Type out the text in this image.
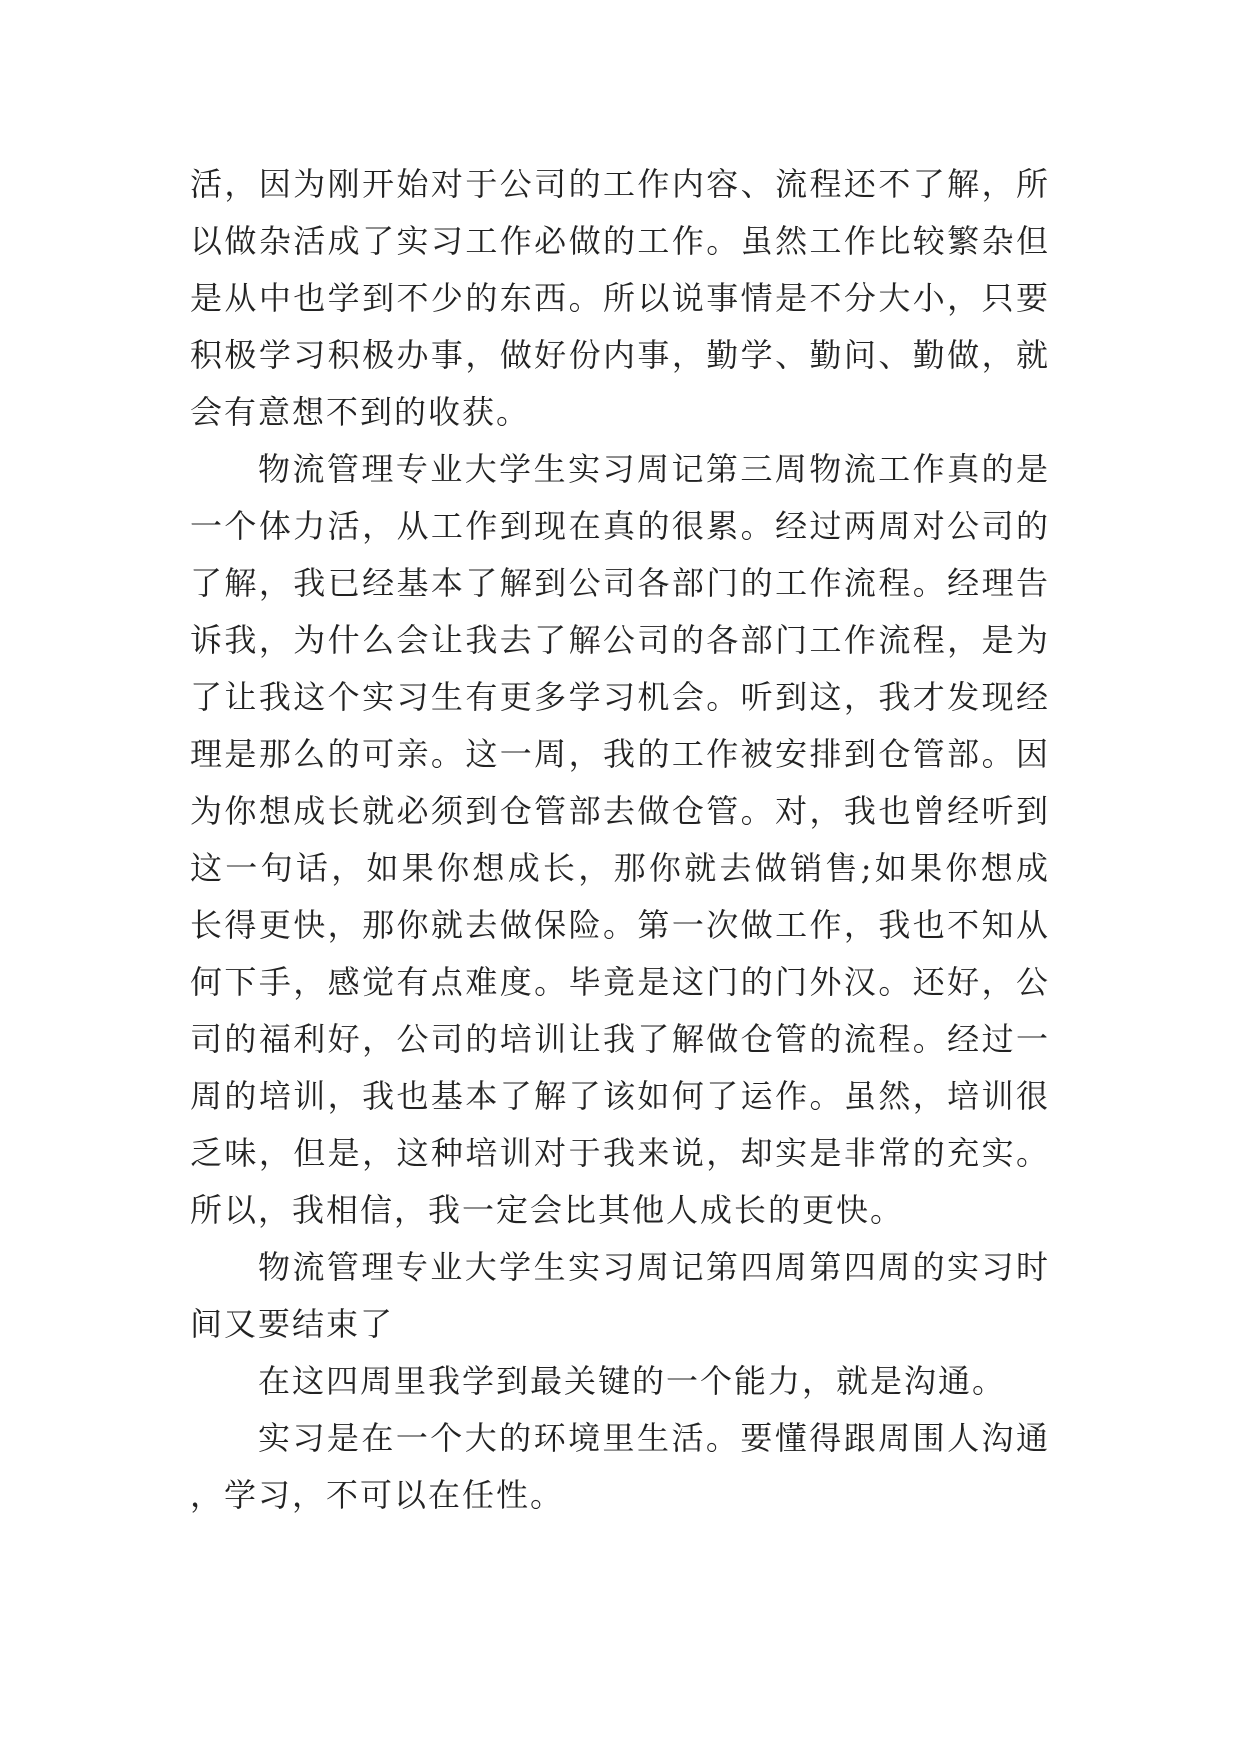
活，因为刚开始对于公司的工作内容、流程还不了解，所以做杂活成了实习工作必做的工作。虽然工作比较繁杂但是从中也学到不少的东西。所以说事情是不分大小，只要积极学习积极办事，做好份内事，勤学、勤问、勤做，就会有意想不到的收获。

物流管理专业大学生实习周记第三周物流工作真的是一个体力活，从工作到现在真的很累。经过两周对公司的了解，我已经基本了解到公司各部门的工作流程。经理告诉我，为什么会让我去了解公司的各部门工作流程，是为了让我这个实习生有更多学习机会。听到这，我才发现经理是那么的可亲。这一周，我的工作被安排到仓管部。因为你想成长就必须到仓管部去做仓管。对，我也曾经听到这一句话，如果你想成长，那你就去做销售;如果你想成长得更快，那你就去做保险。第一次做工作，我也不知从何下手，感觉有点难度。毕竟是这门的门外汉。还好，公司的福利好，公司的培训让我了解做仓管的流程。经过一周的培训，我也基本了解了该如何了运作。虽然，培训很乏味，但是，这种培训对于我来说，却实是非常的充实。所以，我相信，我一定会比其他人成长的更快。

物流管理专业大学生实习周记第四周第四周的实习时间又要结束了

在这四周里我学到最关键的一个能力，就是沟通。

实习是在一个大的环境里生活。要懂得跟周围人沟通，学习，不可以在任性。
